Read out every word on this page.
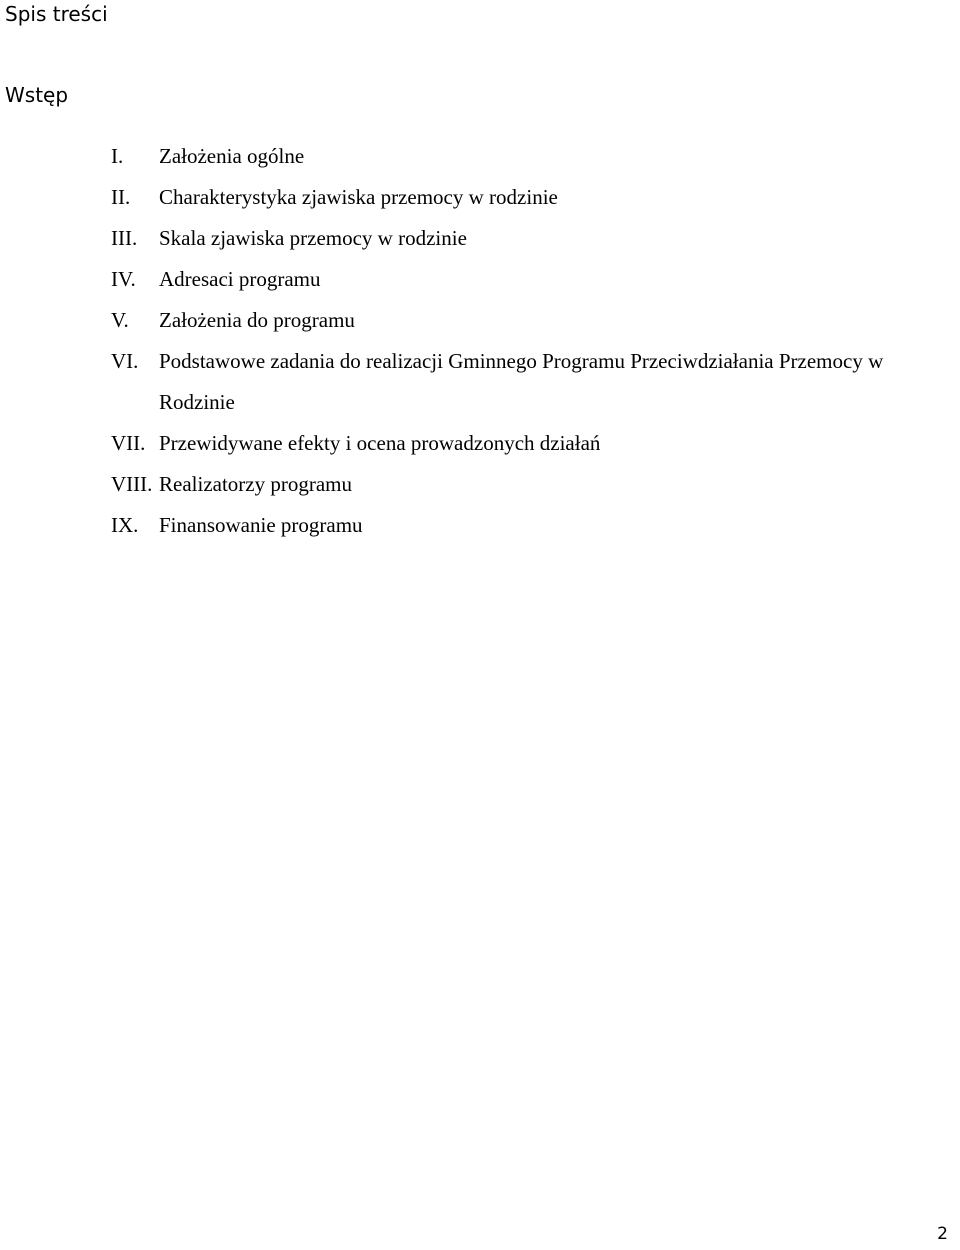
Spis treści
Wstęp
I.	Założenia ogólne
II.	Charakterystyka zjawiska przemocy w rodzinie
III.	Skala zjawiska przemocy w rodzinie
IV.	Adresaci programu
V.	Założenia do programu
VI. Podstawowe zadania do realizacji Gminnego Programu Przeciwdziałania Przemocy w Rodzinie
VII. Przewidywane efekty i ocena prowadzonych działań
VIII. Realizatorzy programu
IX. Finansowanie programu
2
